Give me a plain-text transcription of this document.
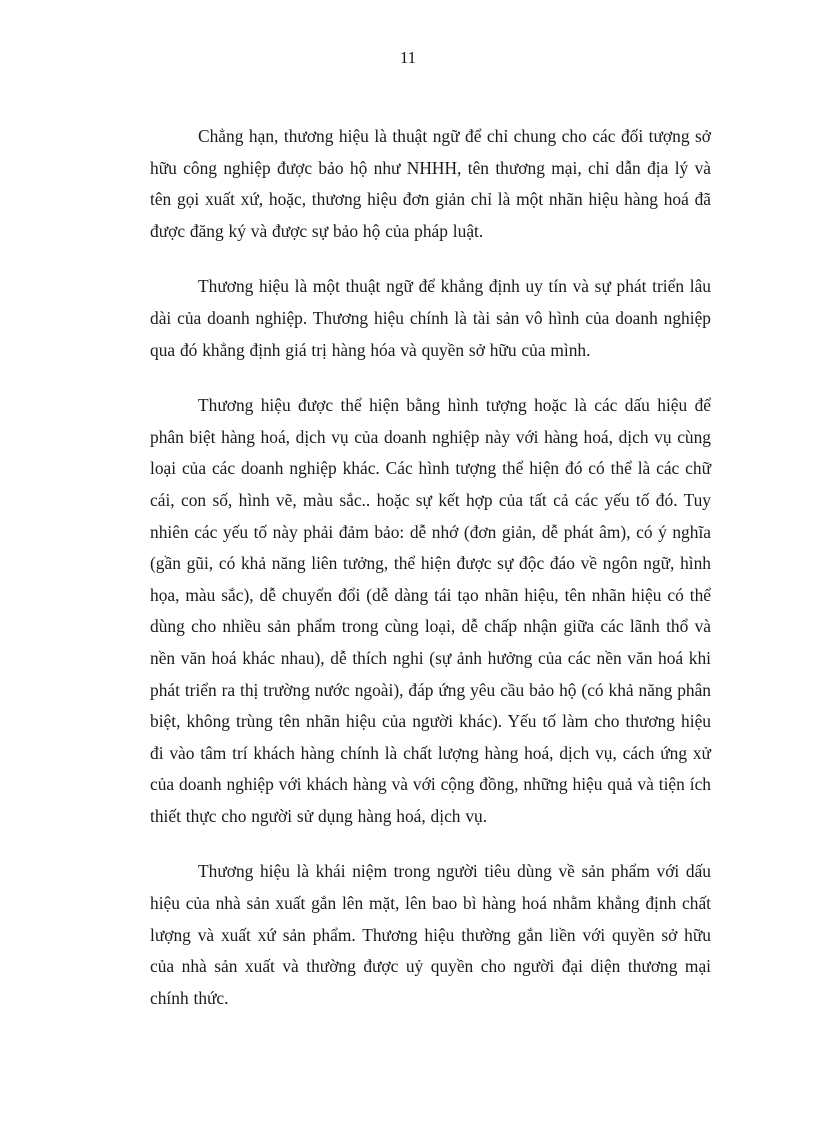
11

Chẳng hạn, thương hiệu là thuật ngữ để chỉ chung cho các đối tượng sở hữu công nghiệp được bảo hộ như NHHH, tên thương mại, chỉ dẫn địa lý và tên gọi xuất xứ, hoặc, thương hiệu đơn giản chỉ là một nhãn hiệu hàng hoá đã được đăng ký và được sự bảo hộ của pháp luật.

Thương hiệu là một thuật ngữ để khẳng định uy tín và sự phát triển lâu dài của doanh nghiệp. Thương hiệu chính là tài sản vô hình của doanh nghiệp qua đó khẳng định giá trị hàng hóa và quyền sở hữu của mình.

Thương hiệu được thể hiện bằng hình tượng hoặc là các dấu hiệu để phân biệt hàng hoá, dịch vụ của doanh nghiệp này với hàng hoá, dịch vụ cùng loại của các doanh nghiệp khác. Các hình tượng thể hiện đó có thể là các chữ cái, con số, hình vẽ, màu sắc.. hoặc sự kết hợp của tất cả các yếu tố đó. Tuy nhiên các yếu tố này phải đảm bảo: dễ nhớ (đơn giản, dễ phát âm), có ý nghĩa (gần gũi, có khả năng liên tưởng, thể hiện được sự độc đáo về ngôn ngữ, hình họa, màu sắc), dễ chuyển đổi (dễ dàng tái tạo nhãn hiệu, tên nhãn hiệu có thể dùng cho nhiều sản phẩm trong cùng loại, dễ chấp nhận giữa các lãnh thổ và nền văn hoá khác nhau), dễ thích nghi (sự ảnh hưởng của các nền văn hoá khi phát triển ra thị trường nước ngoài), đáp ứng yêu cầu bảo hộ (có khả năng phân biệt, không trùng tên nhãn hiệu của người khác). Yếu tố làm cho thương hiệu đi vào tâm trí khách hàng chính là chất lượng hàng hoá, dịch vụ, cách ứng xử của doanh nghiệp với khách hàng và với cộng đồng, những hiệu quả và tiện ích thiết thực cho người sử dụng hàng hoá, dịch vụ.

Thương hiệu là khái niệm trong người tiêu dùng về sản phẩm với dấu hiệu của nhà sản xuất gắn lên mặt, lên bao bì hàng hoá nhằm khẳng định chất lượng và xuất xứ sản phẩm. Thương hiệu thường gắn liền với quyền sở hữu của nhà sản xuất và thường được uỷ quyền cho người đại diện thương mại chính thức.
